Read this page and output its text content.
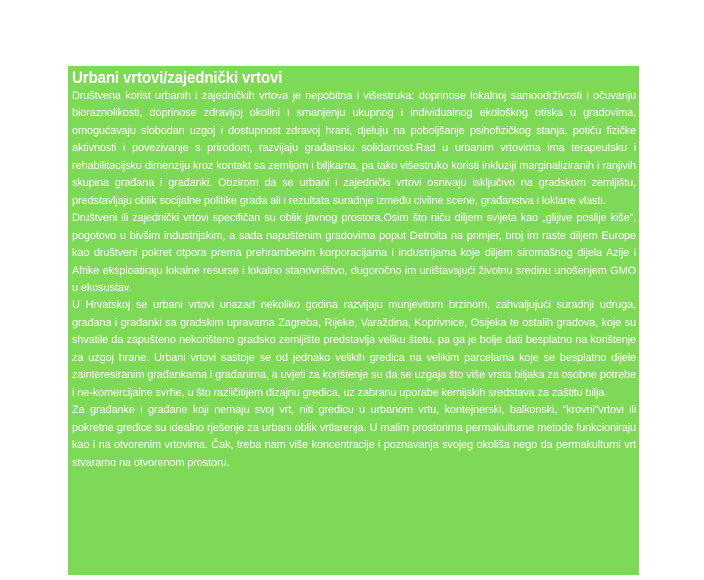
Urbani vrtovi/zajednički vrtovi

Društvena korist urbanih i zajedničkih vrtova je nepobitna i višestruka: doprinose lokalnoj samoodrživosti i očuvanju bioraznolikosti, doprinose zdravijoj okolini i smanjenju ukupnog i individualnog ekološkog otiska u gradovima, omogućavaju slobodan uzgoj i dostupnost zdravoj hrani, djeluju na poboljšanje psihofizičkog stanja, potiču fizičke aktivnosti i povezivanje s prirodom, razvijaju građansku solidarnost.Rad u urbanim vrtovima ima terapeutsku i rehabilitacijsku dimenziju kroz kontakt sa zemljom i biljkama, pa tako višestruko koristi inkluziji marginaliziranih i ranjivih skupina građana i građanki. Obzirom da se urbani i zajednički vrtovi osnivaju isključivo na gradskom zemljištu, predstavljaju oblik socijalne politike grada ali i rezultata suradnje između civilne scene, građanstva i loklane vlasti.

Društveni ili zajednički vrtovi specifičan su oblik javnog prostora.Osim što niču diljem svijeta kao „glijive poslije kiše“, pogotovo u bivšim industrijskim, a sada napuštenim gradovima poput Detroita na primjer, broj im raste diljem Europe kao društveni pokret otpora prema prehrambenim korporacijama i industrijama koje diljem siromašnog dijela Azije i Afrike eksploatiraju lokalne resurse i lokalno stanovništvo, dugoročno im uništavajući životnu sredinu unošenjem GMO u ekosustav.

U Hrvatskoj se urbani vrtovi unazad nekoliko godina razvijaju munjevitom brzinom, zahvaljujući suradnji udruga, građana i građanki sa gradskim upravama Zagreba, Rijeke, Varaždina, Koprivnice, Osijeka te ostalih gradova, koje su shvatile da zapušteno nekorišteno gradsko zemljište predstavlja veliku štetu, pa ga je bolje dati besplatno na korištenje za uzgoj hrane. Urbani vrtovi sastoje se od jednako velikih gredica na velikim parcelama koje se besplatno dijele zainteresiranim građankama i građanima, a uvjeti za korištenje su da se uzgaja što više vrsta biljaka za osobne potrebe i ne-komercijalne svrhe, u što različitijem dizajnu gredica, uz zabranu uporabe kemijskih sredstava za zaštitu bilja.

Za građanke i građane koji nemaju svoj vrt, niti gredicu u urbanom vrtu, kontejnerski, balkonski, “krovni”vrtovi ili pokretne gredice su idealno rješenje za urbani oblik vrtlarenja. U malim prostorima permakulturne metode funkcioniraju kao i na otvorenim vrtovima. Čak, treba nam više koncentracije i poznavanja svojeg okoliša nego da permakulturni vrt stvaramo na otvorenom prostoru.
